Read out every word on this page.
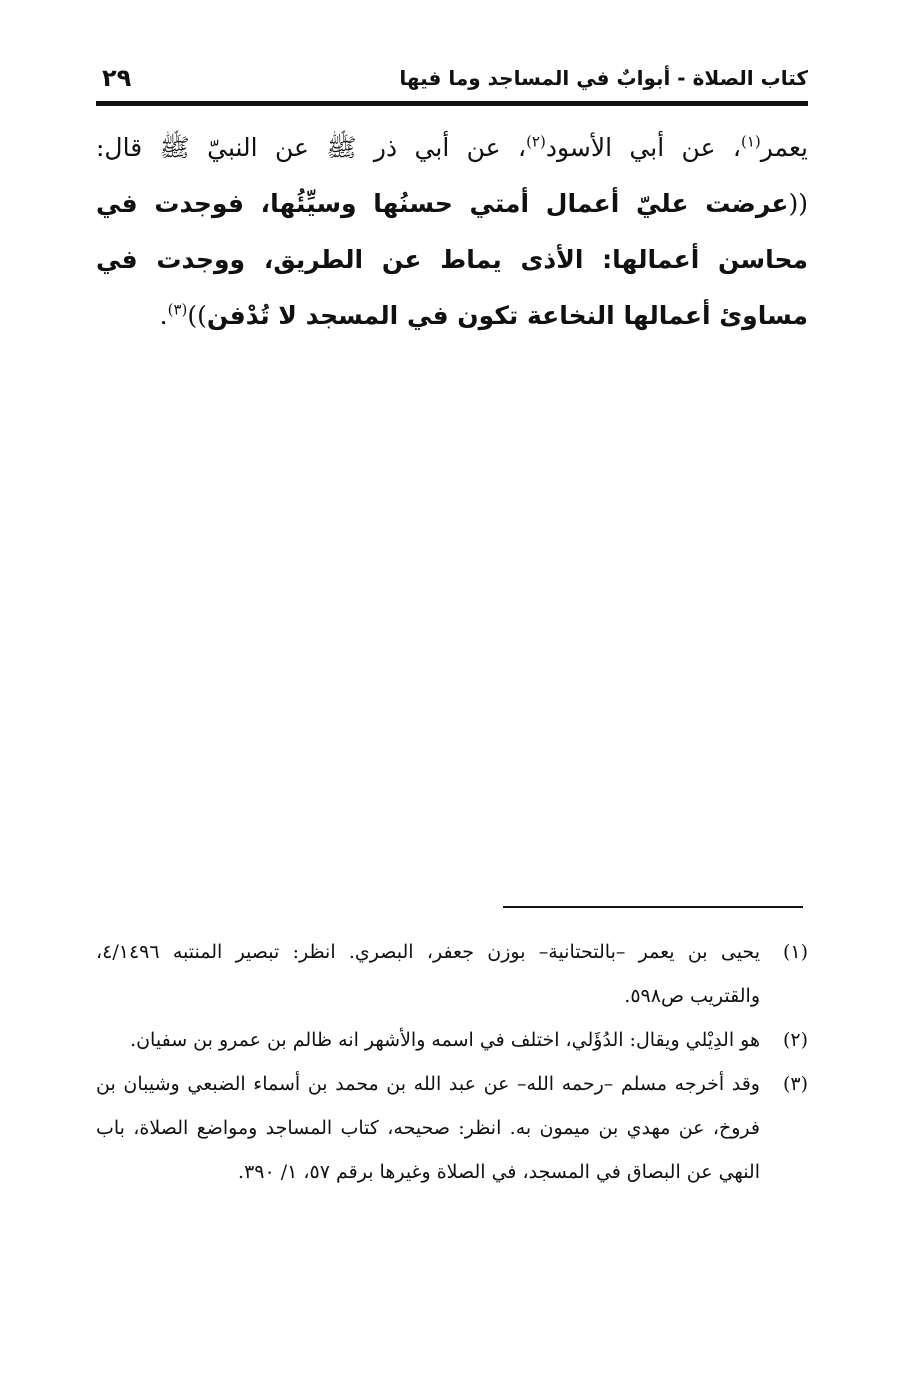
٢٩	كتاب الصلاة - أبوابٌ في المساجد وما فيها
يعمر$^{(١)}$، عن أبي الأسود$^{(٢)}$، عن أبي ذر ﷺ عن النبيّ ﷺ قال: ((عرضت عليّ أعمال أمتي حسنُها وسيِّئُها، فوجدت في محاسن أعمالها: الأذى يماط عن الطريق، ووجدت في مساوئ أعمالها النخاعة تكون في المسجد لا تُدْفن))$^{(٣)}$.
(١)
يحيى بن يعمر –بالتحتانية– بوزن جعفر، البصري. انظر: تبصير المنتبه ٤/١٤٩٦، والقتريب ص٥٩٨.
(٢)
هو الدِيْلي ويقال: الدُؤَلي، اختلف في اسمه والأشهر انه ظالم بن عمرو بن سفيان.
(٣)
وقد أخرجه مسلم –رحمه الله– عن عبد الله بن محمد بن أسماء الضبعي وشيبان بن فروخ، عن مهدي بن ميمون به. انظر: صحيحه، كتاب المساجد ومواضع الصلاة، باب النهي عن البصاق في المسجد، في الصلاة وغيرها برقم ٥٧، ١/ ٣٩٠.
